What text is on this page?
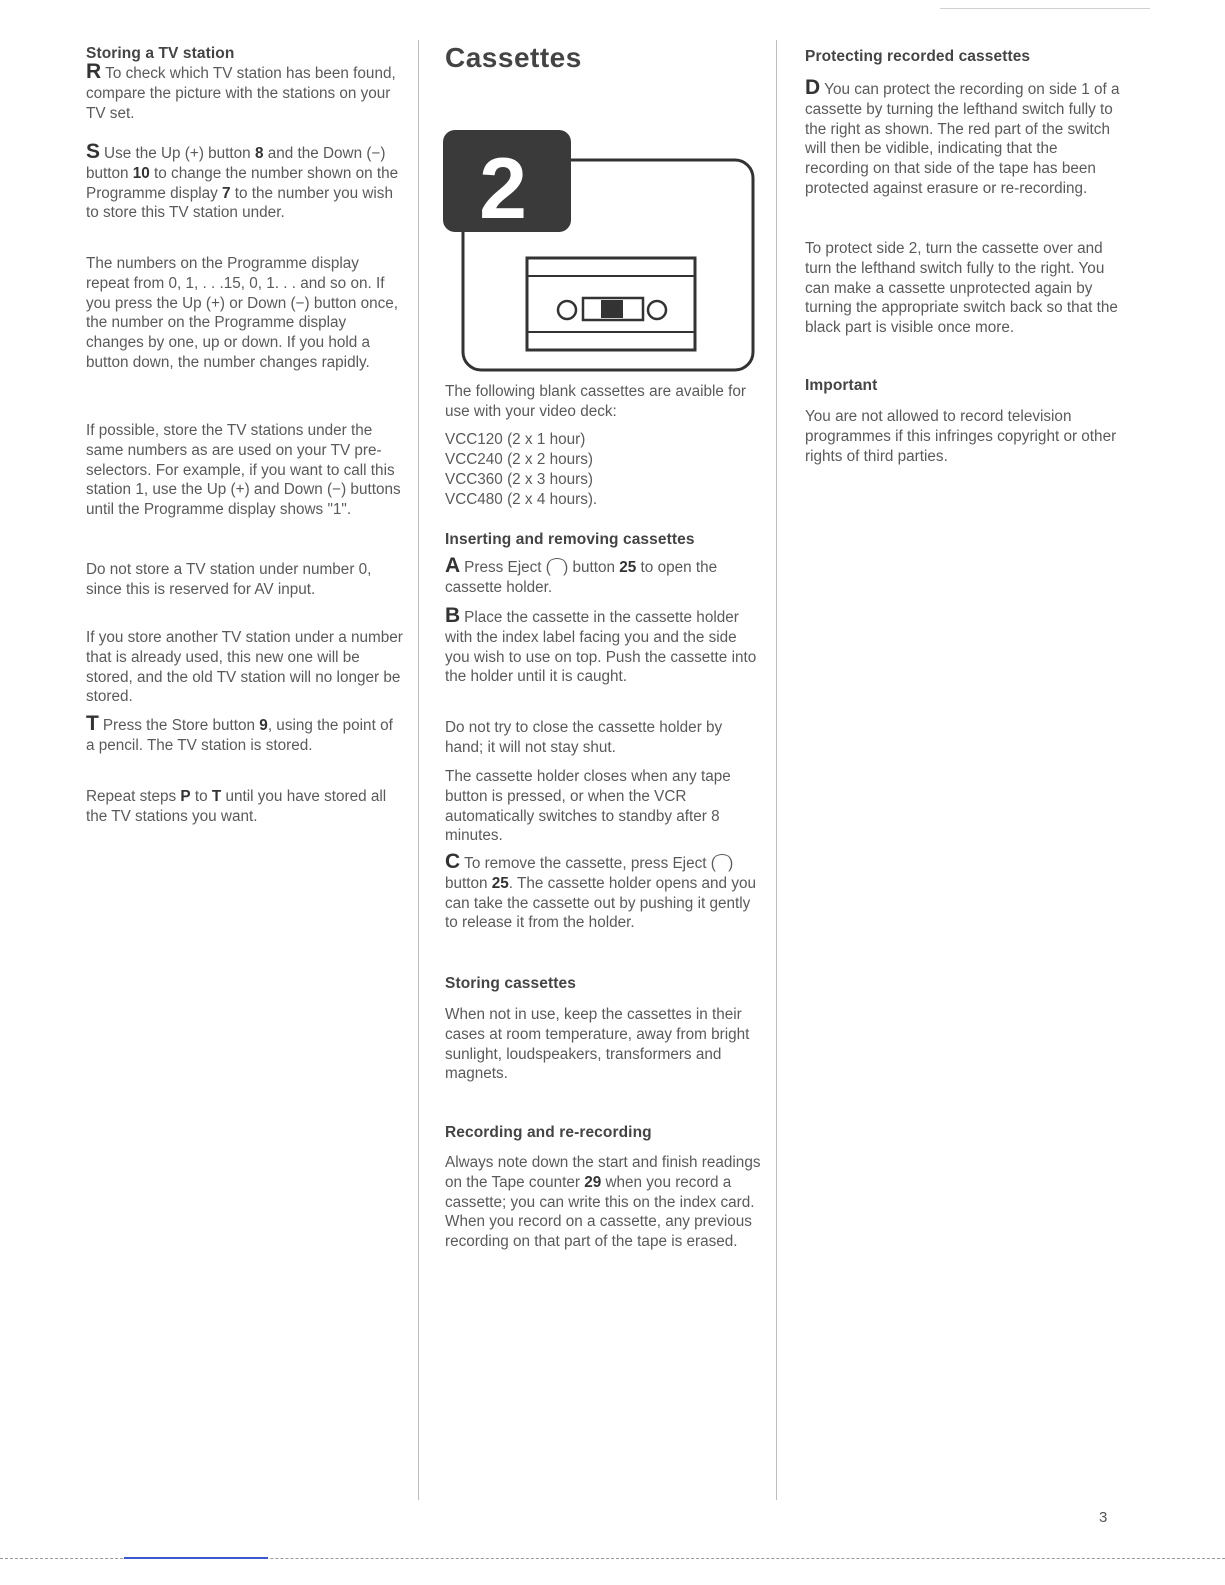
Storing a TV station

R To check which TV station has been found, compare the picture with the stations on your TV set.

S Use the Up (+) button 8 and the Down (−) button 10 to change the number shown on the Programme display 7 to the number you wish to store this TV station under.

The numbers on the Programme display repeat from 0, 1, . . .15, 0, 1. . . and so on. If you press the Up (+) or Down (−) button once, the number on the Programme display changes by one, up or down. If you hold a button down, the number changes rapidly.

If possible, store the TV stations under the same numbers as are used on your TV pre-selectors. For example, if you want to call this station 1, use the Up (+) and Down (−) buttons until the Programme display shows "1".

Do not store a TV station under number 0, since this is reserved for AV input.

If you store another TV station under a number that is already used, this new one will be stored, and the old TV station will no longer be stored.

T Press the Store button 9, using the point of a pencil. The TV station is stored.

Repeat steps P to T until you have stored all the TV stations you want.

Cassettes
2

The following blank cassettes are avaible for use with your video deck:

VCC120 (2 x 1 hour)
VCC240 (2 x 2 hours)
VCC360 (2 x 3 hours)
VCC480 (2 x 4 hours).
Inserting and removing cassettes

A Press Eject (⁀) button 25 to open the cassette holder.

B Place the cassette in the cassette holder with the index label facing you and the side you wish to use on top. Push the cassette into the holder until it is caught.

Do not try to close the cassette holder by hand; it will not stay shut.

The cassette holder closes when any tape button is pressed, or when the VCR automatically switches to standby after 8 minutes.

C To remove the cassette, press Eject (⁀) button 25. The cassette holder opens and you can take the cassette out by pushing it gently to release it from the holder.

Storing cassettes

When not in use, keep the cassettes in their cases at room temperature, away from bright sunlight, loudspeakers, transformers and magnets.

Recording and re-recording

Always note down the start and finish readings on the Tape counter 29 when you record a cassette; you can write this on the index card. When you record on a cassette, any previous recording on that part of the tape is erased.

Protecting recorded cassettes

D You can protect the recording on side 1 of a cassette by turning the lefthand switch fully to the right as shown. The red part of the switch will then be vidible, indicating that the recording on that side of the tape has been protected against erasure or re-recording.

To protect side 2, turn the cassette over and turn the lefthand switch fully to the right. You can make a cassette unprotected again by turning the appropriate switch back so that the black part is visible once more.

Important

You are not allowed to record television programmes if this infringes copyright or other rights of third parties.

3
